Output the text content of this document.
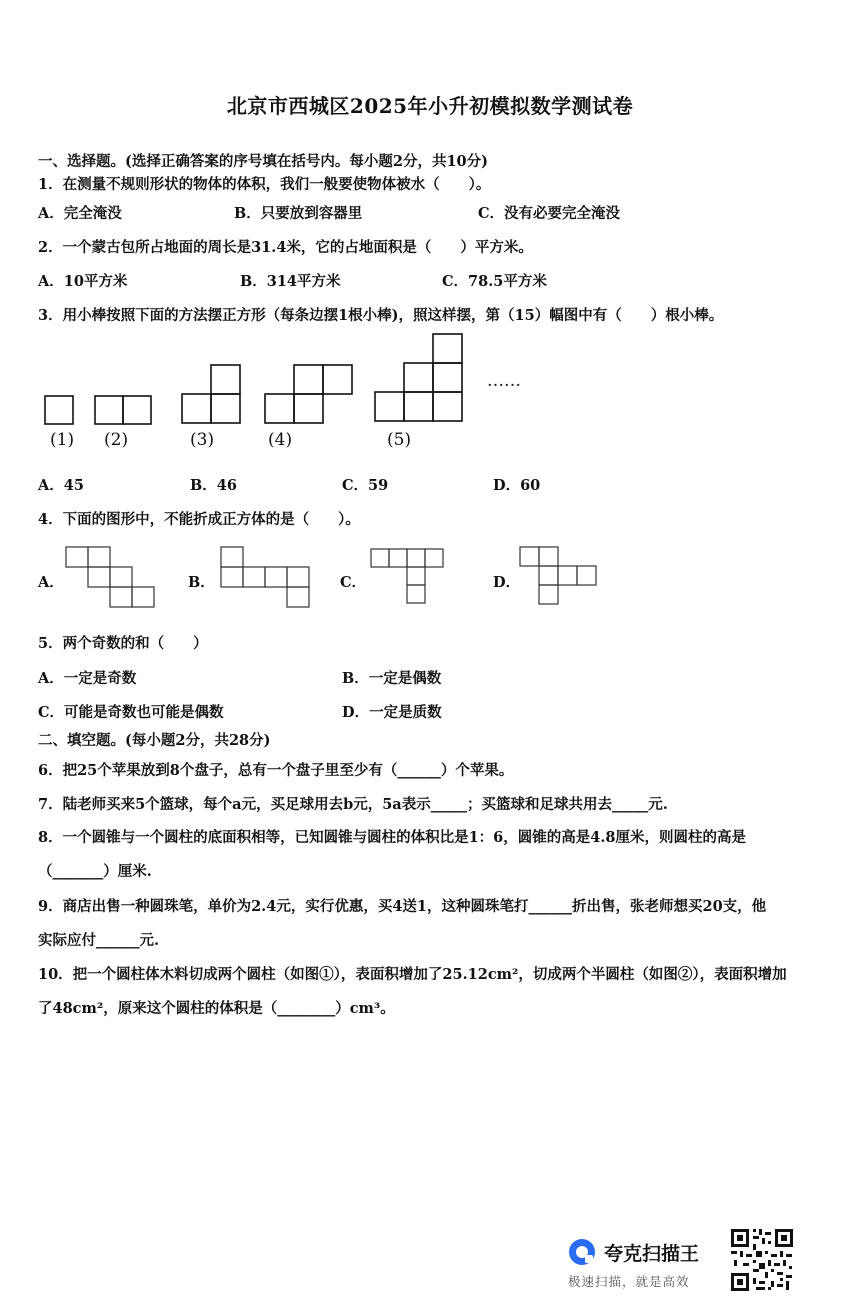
北京市西城区2025年小升初模拟数学测试卷
一、选择题。(选择正确答案的序号填在括号内。每小题2分，共10分)
1．在测量不规则形状的物体的体积，我们一般要使物体被水（　　）。
A．完全淹没	B．只要放到容器里	C．没有必要完全淹没
2．一个蒙古包所占地面的周长是31.4米，它的占地面积是（　　）平方米。
A．10平方米	B．314平方米	C．78.5平方米
3．用小棒按照下面的方法摆正方形（每条边摆1根小棒)，照这样摆，第（15）幅图中有（　　）根小棒。
……
(1) (2)	(3)	(4)	(5)
A．45	B．46	C．59	D．60
4．下面的图形中，不能折成正方体的是（　　）。
A．	B．	C．	D．
5．两个奇数的和（　　）
A．一定是奇数	B．一定是偶数
C．可能是奇数也可能是偶数	D．一定是质数
二、填空题。(每小题2分，共28分)
6．把25个苹果放到8个盘子，总有一个盘子里至少有（______）个苹果。
7．陆老师买来5个篮球，每个a元，买足球用去b元，5a表示_____；买篮球和足球共用去_____元.
8．一个圆锥与一个圆柱的底面积相等，已知圆锥与圆柱的体积比是1：6，圆锥的高是4.8厘米，则圆柱的高是
（_______）厘米.
9．商店出售一种圆珠笔，单价为2.4元，实行优惠，买4送1，这种圆珠笔打______折出售，张老师想买20支，他
实际应付______元.
10．把一个圆柱体木料切成两个圆柱（如图①），表面积增加了25.12cm²，切成两个半圆柱（如图②），表面积增加
了48cm²，原来这个圆柱的体积是（________）cm³。
夸克扫描王
极速扫描，就是高效
